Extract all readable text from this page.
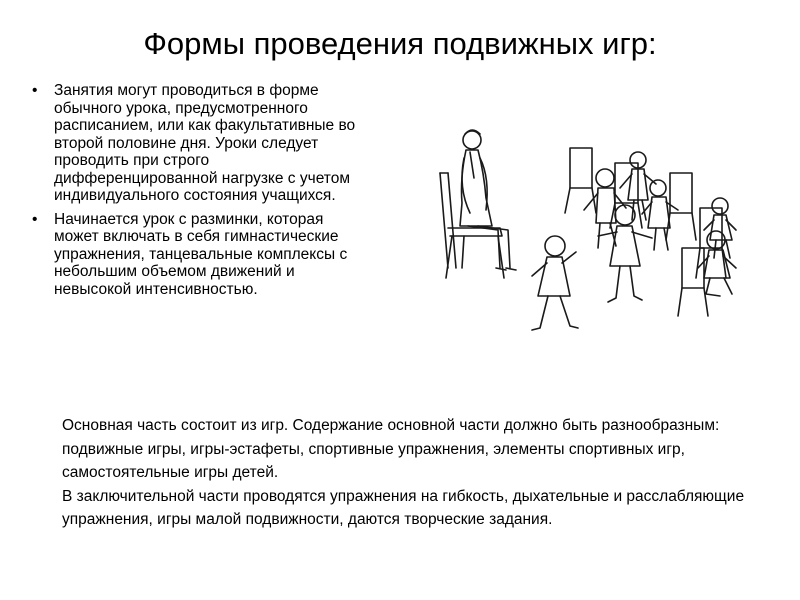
Формы проведения подвижных игр:
• Занятия могут проводиться в форме обычного урока, предусмотренного расписанием, или как факультативные во второй половине дня. Уроки следует проводить при строго дифференцированной нагрузке с учетом индивидуального состояния учащихся.
• Начинается урок с разминки, которая может включать в себя гимнастические упражнения, танцевальные комплексы с небольшим объемом движений и невысокой интенсивностью.

Основная часть состоит из игр. Содержание основной части должно быть разнообразным: подвижные игры, игры-эстафеты, спортивные упражнения, элементы спортивных игр, самостоятельные игры детей.
В заключительной части проводятся упражнения на гибкость, дыхательные и расслабляющие упражнения, игры малой подвижности, даются творческие задания.
